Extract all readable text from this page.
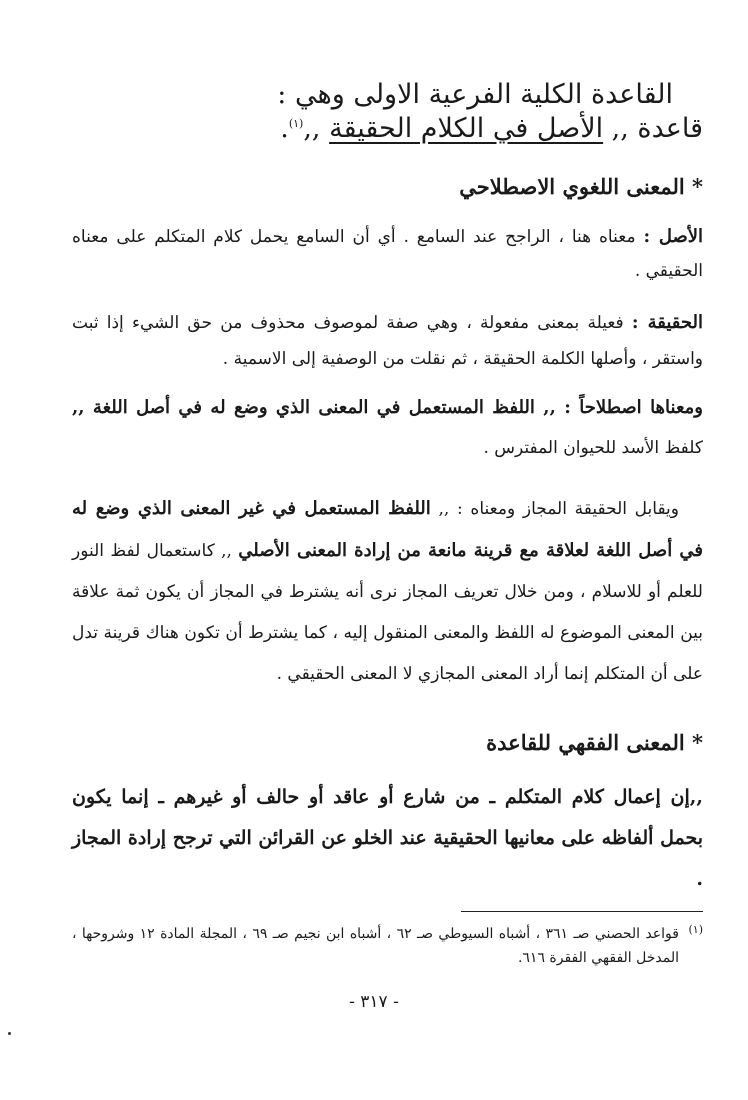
القاعدة الكلية الفرعية الاولى وهي :
قاعدة ,, الأصل في الكلام الحقيقة ,,$^{(١)}$.
* المعنى اللغوي الاصطلاحي
الأصل : معناه هنا ، الراجح عند السامع . أي أن السامع يحمل كلام المتكلم على معناه الحقيقي .
الحقيقة : فعيلة بمعنى مفعولة ، وهي صفة لموصوف محذوف من حق الشيء إذا ثبت واستقر ، وأصلها الكلمة الحقيقة ، ثم نقلت من الوصفية إلى الاسمية .
ومعناها اصطلاحاً : ,, اللفظ المستعمل في المعنى الذي وضع له في أصل اللغة ,, كلفظ الأسد للحيوان المفترس .
ويقابل الحقيقة المجاز ومعناه : ,, اللفظ المستعمل في غير المعنى الذي وضع له في أصل اللغة لعلاقة مع قرينة مانعة من إرادة المعنى الأصلي ,, كاستعمال لفظ النور للعلم أو للاسلام ، ومن خلال تعريف المجاز نرى أنه يشترط في المجاز أن يكون ثمة علاقة بين المعنى الموضوع له اللفظ والمعنى المنقول إليه ، كما يشترط أن تكون هناك قرينة تدل على أن المتكلم إنما أراد المعنى المجازي لا المعنى الحقيقي .
* المعنى الفقهي للقاعدة
,,إن إعمال كلام المتكلم ـ من شارع أو عاقد أو حالف أو غيرهم ـ إنما يكون بحمل ألفاظه على معانيها الحقيقية عند الخلو عن القرائن التي ترجح إرادة المجاز .
(١)
قواعد الحصني صـ ٣٦١ ، أشباه السيوطي صـ ٦٢ ، أشباه ابن نجيم صـ ٦٩ ، المجلة المادة ١٢ وشروحها ، المدخل الفقهي الفقرة ٦١٦.
- ٣١٧ -
